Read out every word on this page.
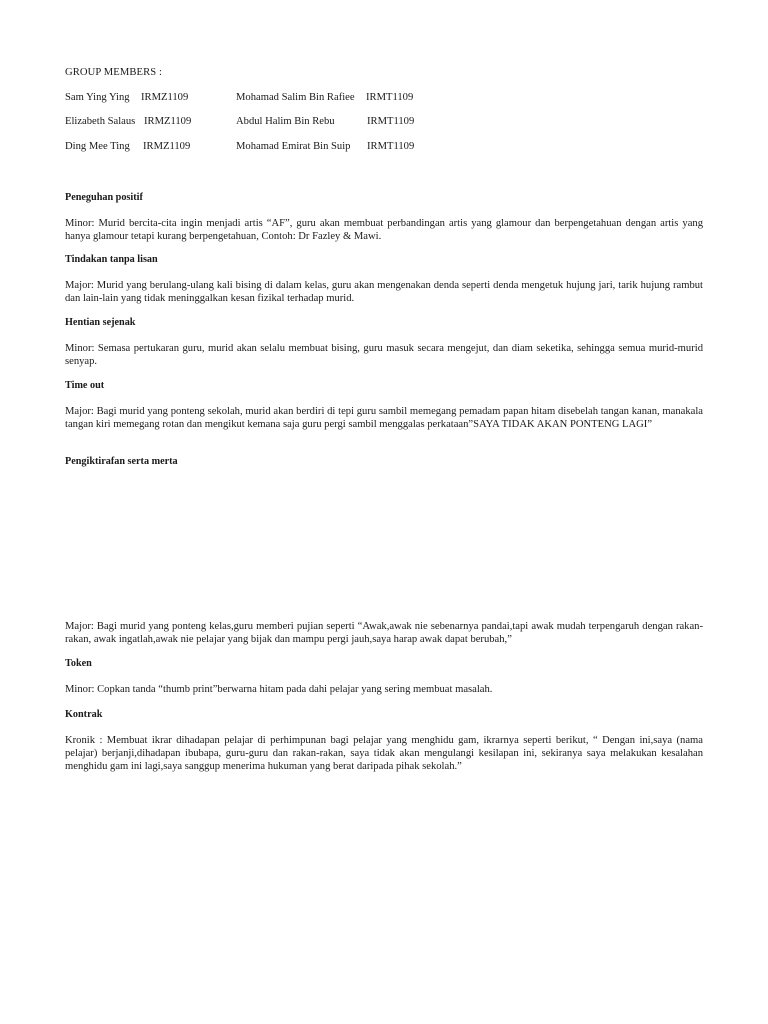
GROUP MEMBERS :
Sam Ying Ying IRMZ1109	Mohamad Salim Bin Rafiee IRMT1109
Elizabeth Salaus IRMZ1109	Abdul Halim Bin Rebu	IRMT1109
Ding Mee Ting IRMZ1109	Mohamad Emirat Bin Suip IRMT1109
Peneguhan positif
Minor: Murid bercita-cita ingin menjadi artis “AF”, guru akan membuat perbandingan artis yang glamour dan berpengetahuan dengan artis yang hanya glamour tetapi kurang berpengetahuan, Contoh: Dr Fazley & Mawi.
Tindakan tanpa lisan
Major: Murid yang berulang-ulang kali bising di dalam kelas, guru akan mengenakan denda seperti denda mengetuk hujung jari, tarik hujung rambut dan lain-lain yang tidak meninggalkan kesan fizikal terhadap murid.
Hentian sejenak
Minor: Semasa pertukaran guru, murid akan selalu membuat bising, guru masuk secara mengejut, dan diam seketika, sehingga semua murid-murid senyap.
Time out
Major: Bagi murid yang ponteng sekolah, murid akan berdiri di tepi guru sambil memegang pemadam papan hitam disebelah tangan kanan, manakala tangan kiri memegang rotan dan mengikut kemana saja guru pergi sambil menggalas perkataan”SAYA TIDAK AKAN PONTENG LAGI”
Pengiktirafan serta merta
Major: Bagi murid yang ponteng kelas,guru memberi pujian seperti “Awak,awak nie sebenarnya pandai,tapi awak mudah terpengaruh dengan rakan-rakan, awak ingatlah,awak nie pelajar yang bijak dan mampu pergi jauh,saya harap awak dapat berubah,”
Token
Minor: Copkan tanda “thumb print”berwarna hitam pada dahi pelajar yang sering membuat masalah.
Kontrak
Kronik : Membuat ikrar dihadapan pelajar di perhimpunan bagi pelajar yang menghidu gam, ikrarnya seperti berikut, “ Dengan ini,saya (nama pelajar) berjanji,dihadapan ibubapa, guru-guru dan rakan-rakan, saya tidak akan mengulangi kesilapan ini, sekiranya saya melakukan kesalahan menghidu gam ini lagi,saya sanggup menerima hukuman yang berat daripada pihak sekolah.”
